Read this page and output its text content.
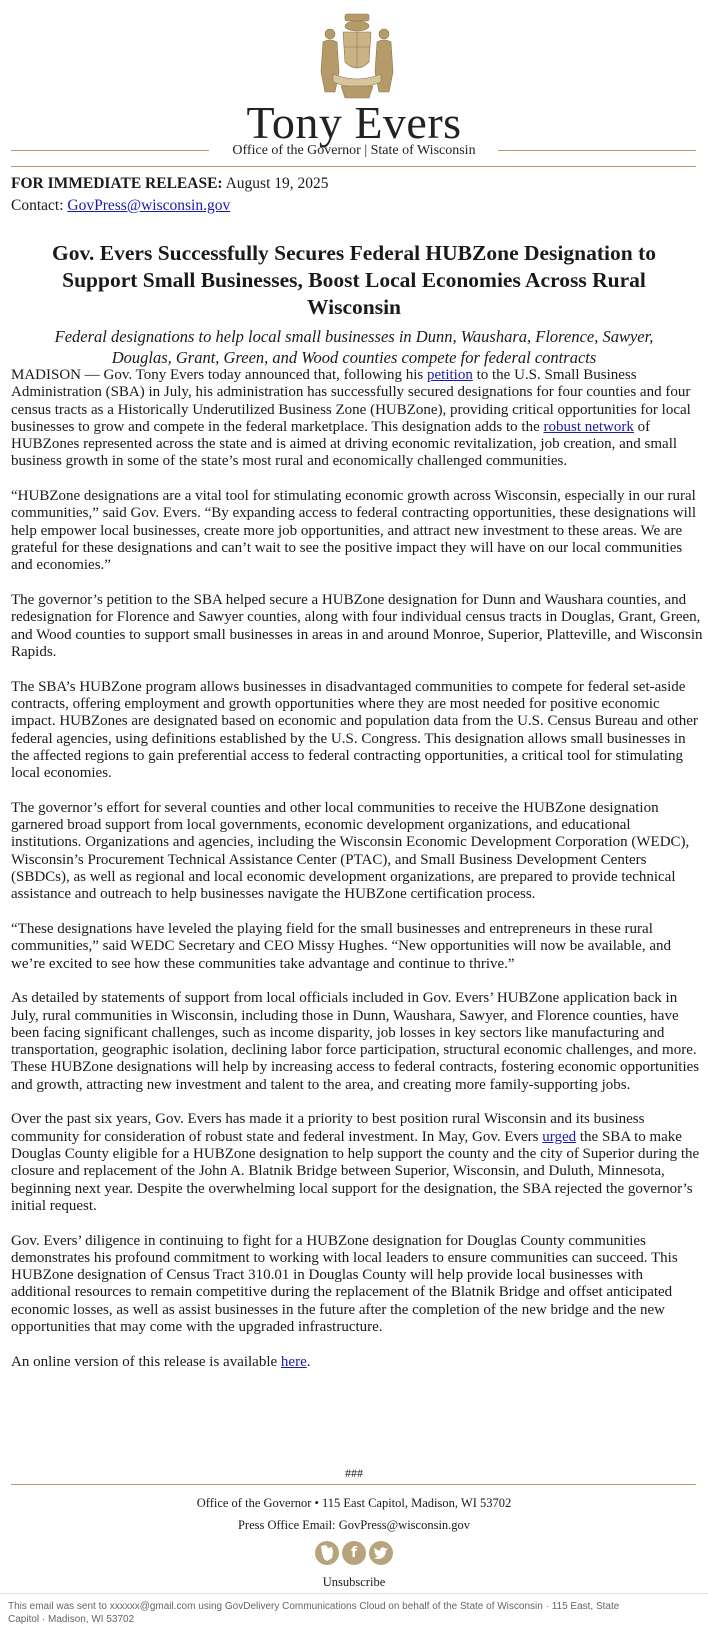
Tony Evers
Office of the Governor | State of Wisconsin
FOR IMMEDIATE RELEASE: August 19, 2025
Contact: GovPress@wisconsin.gov
Gov. Evers Successfully Secures Federal HUBZone Designation to Support Small Businesses, Boost Local Economies Across Rural Wisconsin
Federal designations to help local small businesses in Dunn, Waushara, Florence, Sawyer, Douglas, Grant, Green, and Wood counties compete for federal contracts

MADISON — Gov. Tony Evers today announced that, following his petition to the U.S. Small Business Administration (SBA) in July, his administration has successfully secured designations for four counties and four census tracts as a Historically Underutilized Business Zone (HUBZone), providing critical opportunities for local businesses to grow and compete in the federal marketplace. This designation adds to the robust network of HUBZones represented across the state and is aimed at driving economic revitalization, job creation, and small business growth in some of the state’s most rural and economically challenged communities.

“HUBZone designations are a vital tool for stimulating economic growth across Wisconsin, especially in our rural communities,” said Gov. Evers. “By expanding access to federal contracting opportunities, these designations will help empower local businesses, create more job opportunities, and attract new investment to these areas. We are grateful for these designations and can’t wait to see the positive impact they will have on our local communities and economies.”

The governor’s petition to the SBA helped secure a HUBZone designation for Dunn and Waushara counties, and redesignation for Florence and Sawyer counties, along with four individual census tracts in Douglas, Grant, Green, and Wood counties to support small businesses in areas in and around Monroe, Superior, Platteville, and Wisconsin Rapids.

The SBA’s HUBZone program allows businesses in disadvantaged communities to compete for federal set-aside contracts, offering employment and growth opportunities where they are most needed for positive economic impact. HUBZones are designated based on economic and population data from the U.S. Census Bureau and other federal agencies, using definitions established by the U.S. Congress. This designation allows small businesses in the affected regions to gain preferential access to federal contracting opportunities, a critical tool for stimulating local economies.

The governor’s effort for several counties and other local communities to receive the HUBZone designation garnered broad support from local governments, economic development organizations, and educational institutions. Organizations and agencies, including the Wisconsin Economic Development Corporation (WEDC), Wisconsin’s Procurement Technical Assistance Center (PTAC), and Small Business Development Centers (SBDCs), as well as regional and local economic development organizations, are prepared to provide technical assistance and outreach to help businesses navigate the HUBZone certification process.

“These designations have leveled the playing field for the small businesses and entrepreneurs in these rural communities,” said WEDC Secretary and CEO Missy Hughes. “New opportunities will now be available, and we’re excited to see how these communities take advantage and continue to thrive.”

As detailed by statements of support from local officials included in Gov. Evers’ HUBZone application back in July, rural communities in Wisconsin, including those in Dunn, Waushara, Sawyer, and Florence counties, have been facing significant challenges, such as income disparity, job losses in key sectors like manufacturing and transportation, geographic isolation, declining labor force participation, structural economic challenges, and more. These HUBZone designations will help by increasing access to federal contracts, fostering economic opportunities and growth, attracting new investment and talent to the area, and creating more family-supporting jobs.

Over the past six years, Gov. Evers has made it a priority to best position rural Wisconsin and its business community for consideration of robust state and federal investment. In May, Gov. Evers urged the SBA to make Douglas County eligible for a HUBZone designation to help support the county and the city of Superior during the closure and replacement of the John A. Blatnik Bridge between Superior, Wisconsin, and Duluth, Minnesota, beginning next year. Despite the overwhelming local support for the designation, the SBA rejected the governor’s initial request.

Gov. Evers’ diligence in continuing to fight for a HUBZone designation for Douglas County communities demonstrates his profound commitment to working with local leaders to ensure communities can succeed. This HUBZone designation of Census Tract 310.01 in Douglas County will help provide local businesses with additional resources to remain competitive during the replacement of the Blatnik Bridge and offset anticipated economic losses, as well as assist businesses in the future after the completion of the new bridge and the new opportunities that may come with the upgraded infrastructure.

An online version of this release is available here.

###
Office of the Governor • 115 East Capitol, Madison, WI 53702
Press Office Email: GovPress@wisconsin.gov
f
Unsubscribe
This email was sent to xxxxxx@gmail.com using GovDelivery Communications Cloud on behalf of the State of Wisconsin · 115 East, State Capitol · Madison, WI 53702
